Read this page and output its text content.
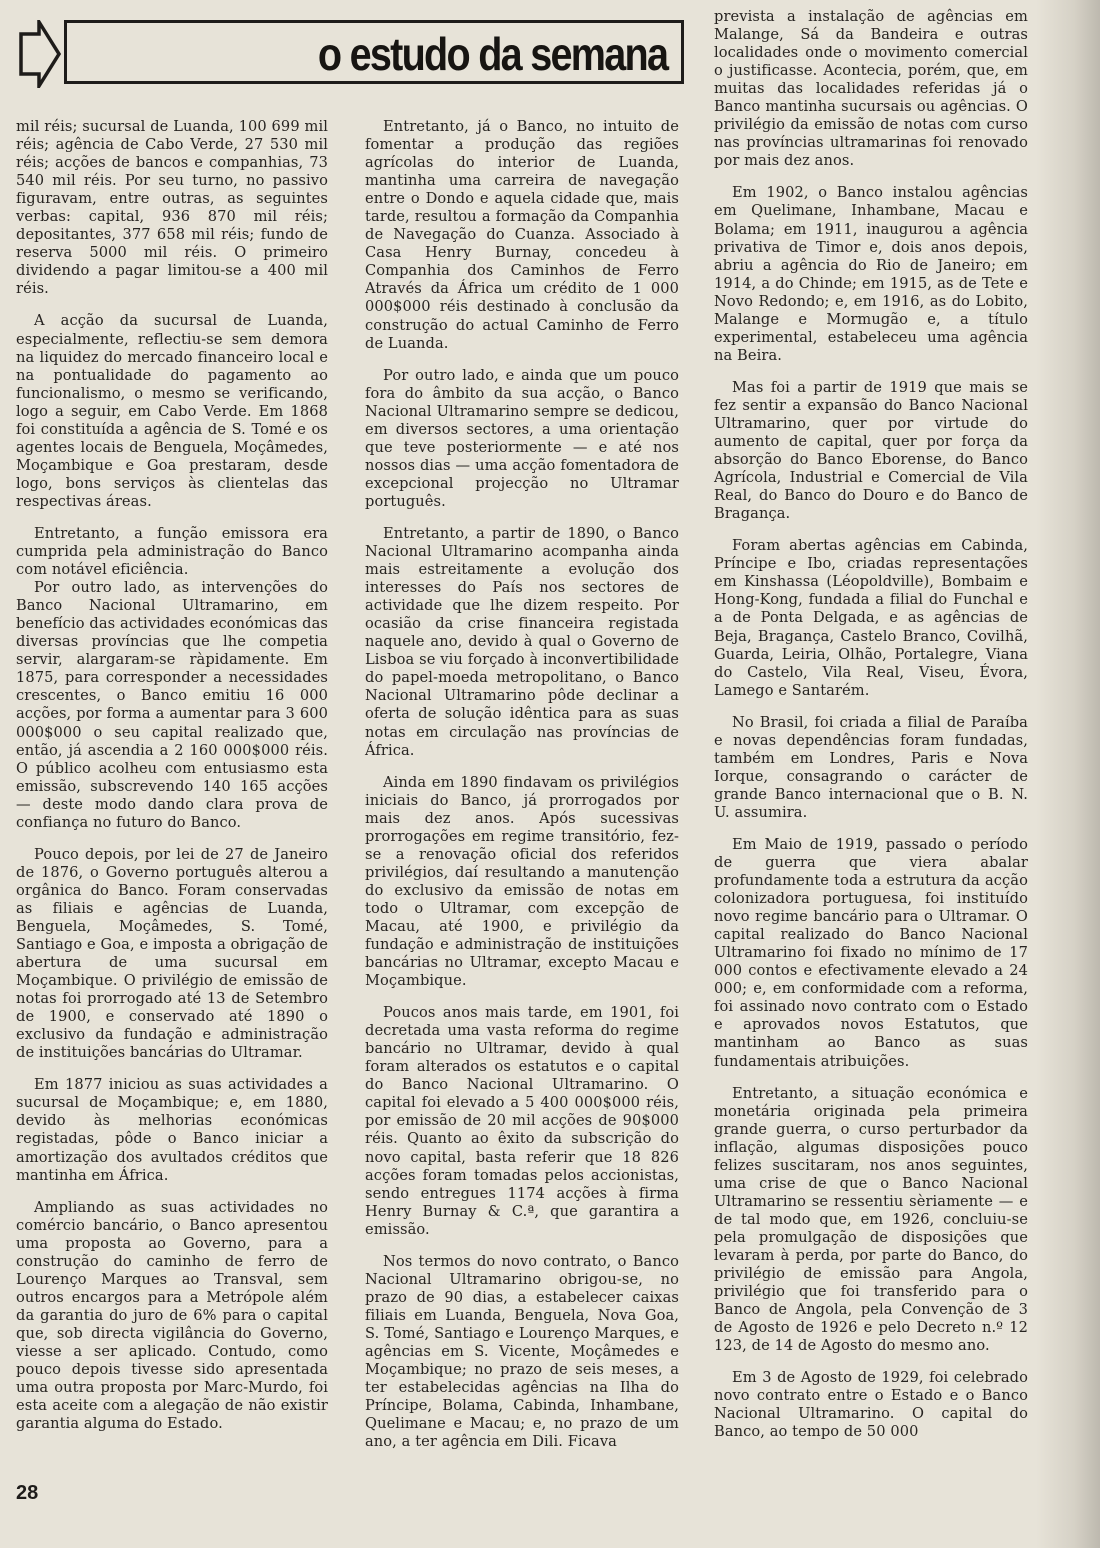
o estudo da semana

mil réis; sucursal de Luanda, 100 699 mil réis; agência de Cabo Verde, 27 530 mil réis; acções de bancos e companhias, 73 540 mil réis. Por seu turno, no passivo figuravam, entre outras, as seguintes verbas: capital, 936 870 mil réis; depositantes, 377 658 mil réis; fundo de reserva 5000 mil réis. O primeiro dividendo a pagar limitou-se a 400 mil réis.

A acção da sucursal de Luanda, especialmente, reflectiu-se sem demora na liquidez do mercado financeiro local e na pontualidade do pagamento ao funcionalismo, o mesmo se verificando, logo a seguir, em Cabo Verde. Em 1868 foi constituída a agência de S. Tomé e os agentes locais de Benguela, Moçâmedes, Moçambique e Goa prestaram, desde logo, bons serviços às clientelas das respectivas áreas.

Entretanto, a função emissora era cumprida pela administração do Banco com notável eficiência.

Por outro lado, as intervenções do Banco Nacional Ultramarino, em benefício das actividades económicas das diversas províncias que lhe competia servir, alargaram-se ràpidamente. Em 1875, para corresponder a necessidades crescentes, o Banco emitiu 16 000 acções, por forma a aumentar para 3 600 000$000 o seu capital realizado que, então, já ascendia a 2 160 000$000 réis. O público acolheu com entusiasmo esta emissão, subscrevendo 140 165 acções — deste modo dando clara prova de confiança no futuro do Banco.

Pouco depois, por lei de 27 de Janeiro de 1876, o Governo português alterou a orgânica do Banco. Foram conservadas as filiais e agências de Luanda, Benguela, Moçâmedes, S. Tomé, Santiago e Goa, e imposta a obrigação de abertura de uma sucursal em Moçambique. O privilégio de emissão de notas foi prorrogado até 13 de Setembro de 1900, e conservado até 1890 o exclusivo da fundação e administração de instituições bancárias do Ultramar.

Em 1877 iniciou as suas actividades a sucursal de Moçambique; e, em 1880, devido às melhorias económicas registadas, pôde o Banco iniciar a amortização dos avultados créditos que mantinha em África.

Ampliando as suas actividades no comércio bancário, o Banco apresentou uma proposta ao Governo, para a construção do caminho de ferro de Lourenço Marques ao Transval, sem outros encargos para a Metrópole além da garantia do juro de 6% para o capital que, sob directa vigilância do Governo, viesse a ser aplicado. Contudo, como pouco depois tivesse sido apresentada uma outra proposta por Marc-Murdo, foi esta aceite com a alegação de não existir garantia alguma do Estado.

Entretanto, já o Banco, no intuito de fomentar a produção das regiões agrícolas do interior de Luanda, mantinha uma carreira de navegação entre o Dondo e aquela cidade que, mais tarde, resultou a formação da Companhia de Navegação do Cuanza. Associado à Casa Henry Burnay, concedeu à Companhia dos Caminhos de Ferro Através da África um crédito de 1 000 000$000 réis destinado à conclusão da construção do actual Caminho de Ferro de Luanda.

Por outro lado, e ainda que um pouco fora do âmbito da sua acção, o Banco Nacional Ultramarino sempre se dedicou, em diversos sectores, a uma orientação que teve posteriormente — e até nos nossos dias — uma acção fomentadora de excepcional projecção no Ultramar português.

Entretanto, a partir de 1890, o Banco Nacional Ultramarino acompanha ainda mais estreitamente a evolução dos interesses do País nos sectores de actividade que lhe dizem respeito. Por ocasião da crise financeira registada naquele ano, devido à qual o Governo de Lisboa se viu forçado à inconvertibilidade do papel-moeda metropolitano, o Banco Nacional Ultramarino pôde declinar a oferta de solução idêntica para as suas notas em circulação nas províncias de África.

Ainda em 1890 findavam os privilégios iniciais do Banco, já prorrogados por mais dez anos. Após sucessivas prorrogações em regime transitório, fez-se a renovação oficial dos referidos privilégios, daí resultando a manutenção do exclusivo da emissão de notas em todo o Ultramar, com excepção de Macau, até 1900, e privilégio da fundação e administração de instituições bancárias no Ultramar, excepto Macau e Moçambique.

Poucos anos mais tarde, em 1901, foi decretada uma vasta reforma do regime bancário no Ultramar, devido à qual foram alterados os estatutos e o capital do Banco Nacional Ultramarino. O capital foi elevado a 5 400 000$000 réis, por emissão de 20 mil acções de 90$000 réis. Quanto ao êxito da subscrição do novo capital, basta referir que 18 826 acções foram tomadas pelos accionistas, sendo entregues 1174 acções à firma Henry Burnay & C.ª, que garantira a emissão.

Nos termos do novo contrato, o Banco Nacional Ultramarino obrigou-se, no prazo de 90 dias, a estabelecer caixas filiais em Luanda, Benguela, Nova Goa, S. Tomé, Santiago e Lourenço Marques, e agências em S. Vicente, Moçâmedes e Moçambique; no prazo de seis meses, a ter estabelecidas agências na Ilha do Príncipe, Bolama, Cabinda, Inhambane, Quelimane e Macau; e, no prazo de um ano, a ter agência em Dili. Ficava

prevista a instalação de agências em Malange, Sá da Bandeira e outras localidades onde o movimento comercial o justificasse. Acontecia, porém, que, em muitas das localidades referidas já o Banco mantinha sucursais ou agências. O privilégio da emissão de notas com curso nas províncias ultramarinas foi renovado por mais dez anos.

Em 1902, o Banco instalou agências em Quelimane, Inhambane, Macau e Bolama; em 1911, inaugurou a agência privativa de Timor e, dois anos depois, abriu a agência do Rio de Janeiro; em 1914, a do Chinde; em 1915, as de Tete e Novo Redondo; e, em 1916, as do Lobito, Malange e Mormugão e, a título experimental, estabeleceu uma agência na Beira.

Mas foi a partir de 1919 que mais se fez sentir a expansão do Banco Nacional Ultramarino, quer por virtude do aumento de capital, quer por força da absorção do Banco Eborense, do Banco Agrícola, Industrial e Comercial de Vila Real, do Banco do Douro e do Banco de Bragança.

Foram abertas agências em Cabinda, Príncipe e Ibo, criadas representações em Kinshassa (Léopoldville), Bombaim e Hong-Kong, fundada a filial do Funchal e a de Ponta Delgada, e as agências de Beja, Bragança, Castelo Branco, Covilhã, Guarda, Leiria, Olhão, Portalegre, Viana do Castelo, Vila Real, Viseu, Évora, Lamego e Santarém.

No Brasil, foi criada a filial de Paraíba e novas dependências foram fundadas, também em Londres, Paris e Nova Iorque, consagrando o carácter de grande Banco internacional que o B. N. U. assumira.

Em Maio de 1919, passado o período de guerra que viera abalar profundamente toda a estrutura da acção colonizadora portuguesa, foi instituído novo regime bancário para o Ultramar. O capital realizado do Banco Nacional Ultramarino foi fixado no mínimo de 17 000 contos e efectivamente elevado a 24 000; e, em conformidade com a reforma, foi assinado novo contrato com o Estado e aprovados novos Estatutos, que mantinham ao Banco as suas fundamentais atribuições.

Entretanto, a situação económica e monetária originada pela primeira grande guerra, o curso perturbador da inflação, algumas disposições pouco felizes suscitaram, nos anos seguintes, uma crise de que o Banco Nacional Ultramarino se ressentiu sèriamente — e de tal modo que, em 1926, concluiu-se pela promulgação de disposições que levaram à perda, por parte do Banco, do privilégio de emissão para Angola, privilégio que foi transferido para o Banco de Angola, pela Convenção de 3 de Agosto de 1926 e pelo Decreto n.º 12 123, de 14 de Agosto do mesmo ano.

Em 3 de Agosto de 1929, foi celebrado novo contrato entre o Estado e o Banco Nacional Ultramarino. O capital do Banco, ao tempo de 50 000

28
